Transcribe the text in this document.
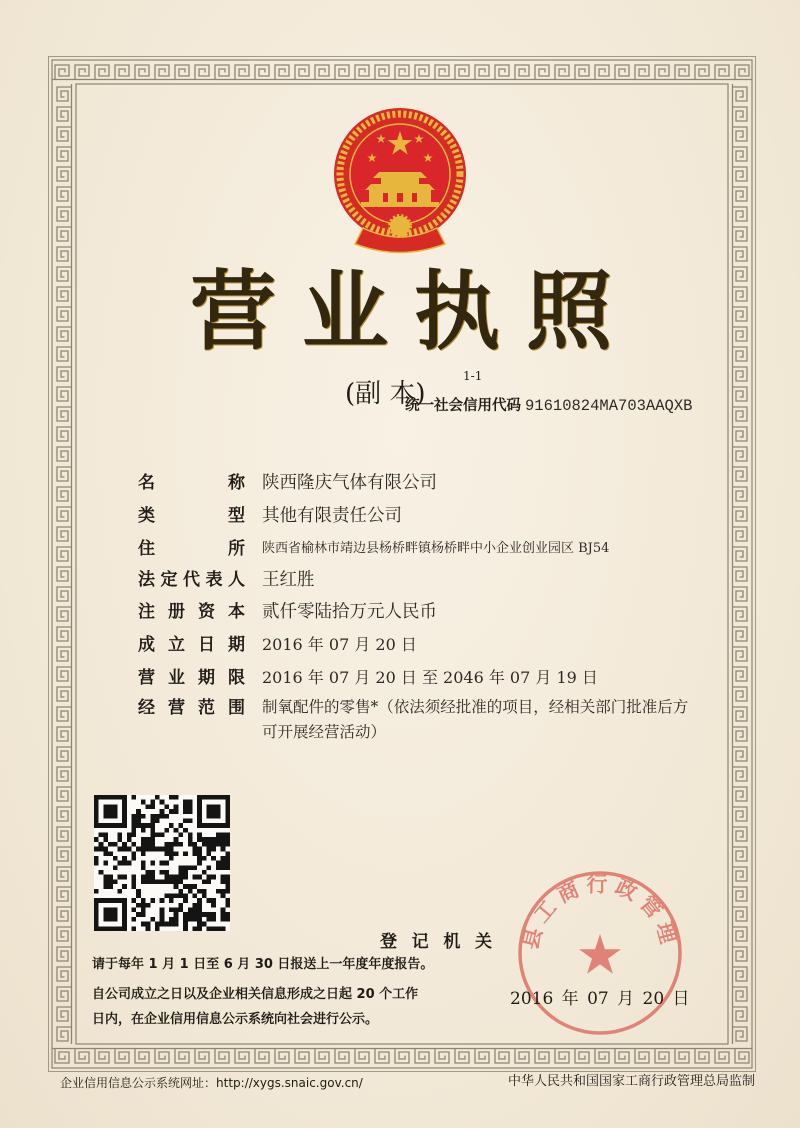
营业执照
(副 本)
1-1
统一社会信用代码 91610824MA703AAQXB
名称 陕西隆庆气体有限公司
类型 其他有限责任公司
住所 陕西省榆林市靖边县杨桥畔镇杨桥畔中小企业创业园区 BJ54
法定代表人 王红胜
注册资本 贰仟零陆拾万元人民币
成立日期 2016 年 07 月 20 日
营业期限 2016 年 07 月 20 日 至 2046 年 07 月 19 日
经营范围 制氧配件的零售*（依法须经批准的项目，经相关部门批准后方
可开展经营活动）
登记机关
请于每年 1 月 1 日至 6 月 30 日报送上一年度年度报告。
自公司成立之日以及企业相关信息形成之日起 20 个工作
日内，在企业信用信息公示系统向社会进行公示。
县工商行政管理
2016 年 07 月 20 日
企业信用信息公示系统网址：http://xygs.snaic.gov.cn/	中华人民共和国国家工商行政管理总局监制
